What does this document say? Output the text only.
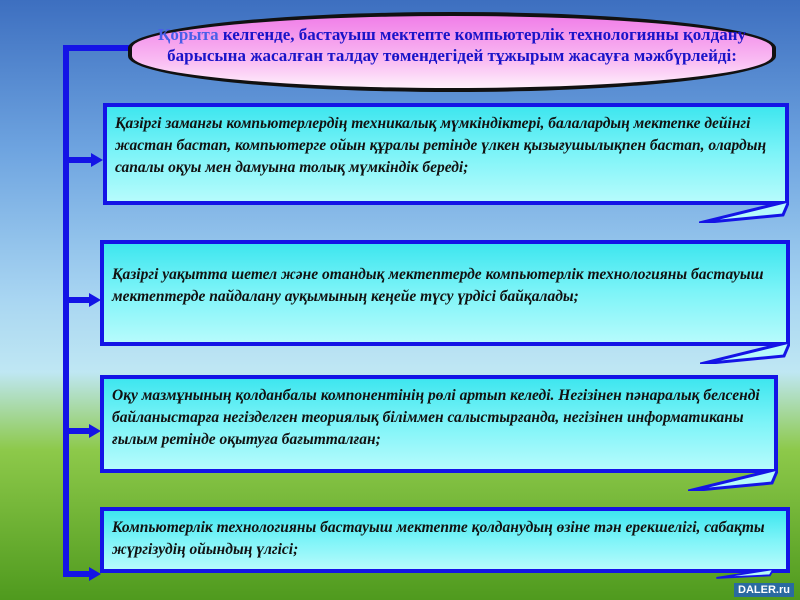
Қорыта келгенде, бастауыш мектепте компьютерлік технологияны қолдану барысына жасалған талдау төмендегідей тұжырым жасауға мәжбүрлейді:
Қазіргі заманғы компьютерлердің техникалық мүмкіндіктері, балалардың мектепке дейінгі жастан бастап, компьютерге ойын құралы ретінде үлкен қызығушылықпен бастап, олардың сапалы оқуы мен дамуына толық мүмкіндік береді;
Қазіргі уақытта шетел және отандық мектептерде компьютерлік технологияны бастауыш мектептерде пайдалану ауқымының кеңейе түсу үрдісі байқалады;
Оқу мазмұнының қолданбалы компонентінің рөлі артып келеді. Негізінен пәнаралық белсенді байланыстарға негізделген теориялық біліммен салыстырғанда, негізінен информатиканы ғылым ретінде оқытуға бағытталған;
Компьютерлік технологияны бастауыш мектепте қолданудың өзіне тән ерекшелігі, сабақты жүргізудің ойындың үлгісі;
DALER.ru
